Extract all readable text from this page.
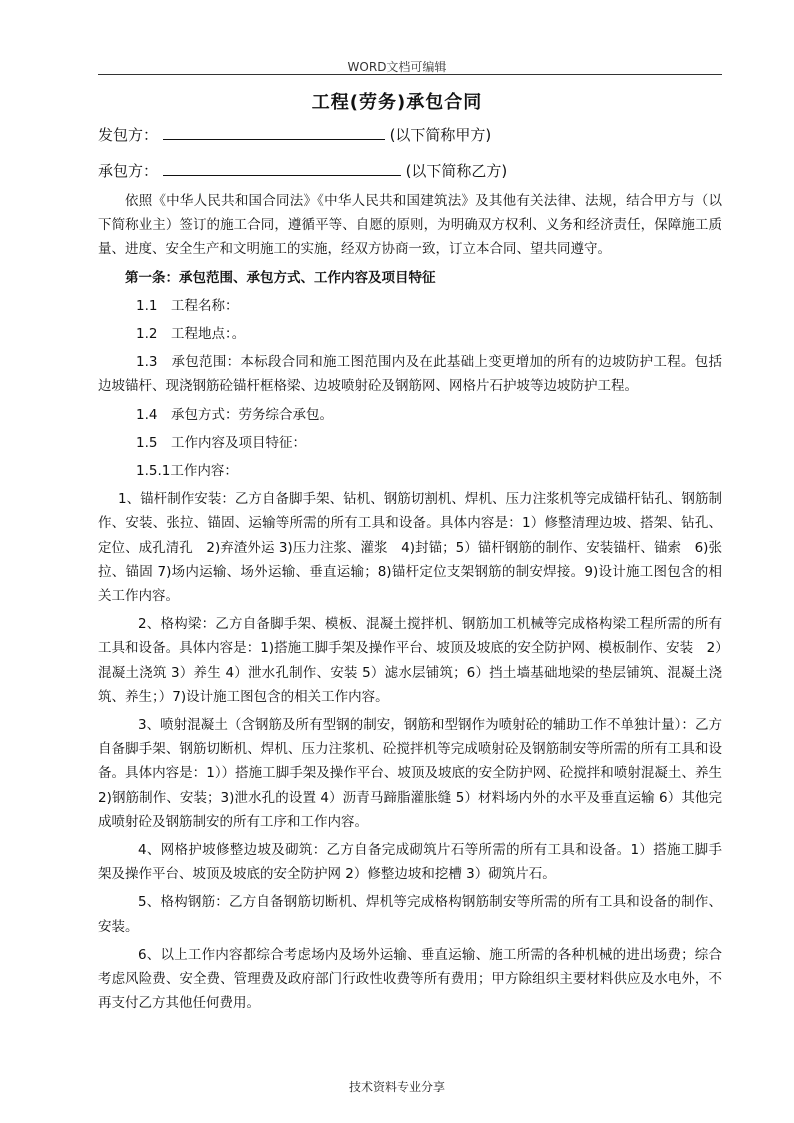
WORD文档可编辑
工程(劳务)承包合同
发包方：	(以下简称甲方)
承包方：	(以下简称乙方)

依照《中华人民共和国合同法》《中华人民共和国建筑法》及其他有关法律、法规，结合甲方与（以下简称业主）签订的施工合同，遵循平等、自愿的原则，为明确双方权利、义务和经济责任，保障施工质量、进度、安全生产和文明施工的实施，经双方协商一致，订立本合同、望共同遵守。

第一条：承包范围、承包方式、工作内容及项目特征

1.1　工程名称：

1.2　工程地点：。

1.3　承包范围：本标段合同和施工图范围内及在此基础上变更增加的所有的边坡防护工程。包括边坡锚杆、现浇钢筋砼锚杆框格梁、边坡喷射砼及钢筋网、网格片石护坡等边坡防护工程。

1.4　承包方式：劳务综合承包。

1.5　工作内容及项目特征：

1.5.1工作内容：

1、锚杆制作安装：乙方自备脚手架、钻机、钢筋切割机、焊机、压力注浆机等完成锚杆钻孔、钢筋制作、安装、张拉、锚固、运输等所需的所有工具和设备。具体内容是：1）修整清理边坡、搭架、钻孔、定位、成孔清孔　2)弃渣外运 3)压力注浆、灌浆　4)封锚；5）锚杆钢筋的制作、安装锚杆、锚索　6)张拉、锚固 7)场内运输、场外运输、垂直运输；8)锚杆定位支架钢筋的制安焊接。9)设计施工图包含的相关工作内容。

2、格构梁：乙方自备脚手架、模板、混凝土搅拌机、钢筋加工机械等完成格构梁工程所需的所有工具和设备。具体内容是：1)搭施工脚手架及操作平台、坡顶及坡底的安全防护网、模板制作、安装　2）混凝土浇筑 3）养生 4）泄水孔制作、安装 5）滤水层铺筑；6）挡土墙基础地梁的垫层铺筑、混凝土浇筑、养生；）7)设计施工图包含的相关工作内容。

3、喷射混凝土（含钢筋及所有型钢的制安，钢筋和型钢作为喷射砼的辅助工作不单独计量）：乙方自备脚手架、钢筋切断机、焊机、压力注浆机、砼搅拌机等完成喷射砼及钢筋制安等所需的所有工具和设备。具体内容是：1））搭施工脚手架及操作平台、坡顶及坡底的安全防护网、砼搅拌和喷射混凝土、养生　2)钢筋制作、安装；3)泄水孔的设置 4）沥青马蹄脂灌胀缝 5）材料场内外的水平及垂直运输 6）其他完成喷射砼及钢筋制安的所有工序和工作内容。

4、网格护坡修整边坡及砌筑：乙方自备完成砌筑片石等所需的所有工具和设备。1）搭施工脚手架及操作平台、坡顶及坡底的安全防护网 2）修整边坡和挖槽 3）砌筑片石。

5、格构钢筋：乙方自备钢筋切断机、焊机等完成格构钢筋制安等所需的所有工具和设备的制作、安装。

6、以上工作内容都综合考虑场内及场外运输、垂直运输、施工所需的各种机械的进出场费；综合考虑风险费、安全费、管理费及政府部门行政性收费等所有费用；甲方除组织主要材料供应及水电外，不再支付乙方其他任何费用。

技术资料专业分享
